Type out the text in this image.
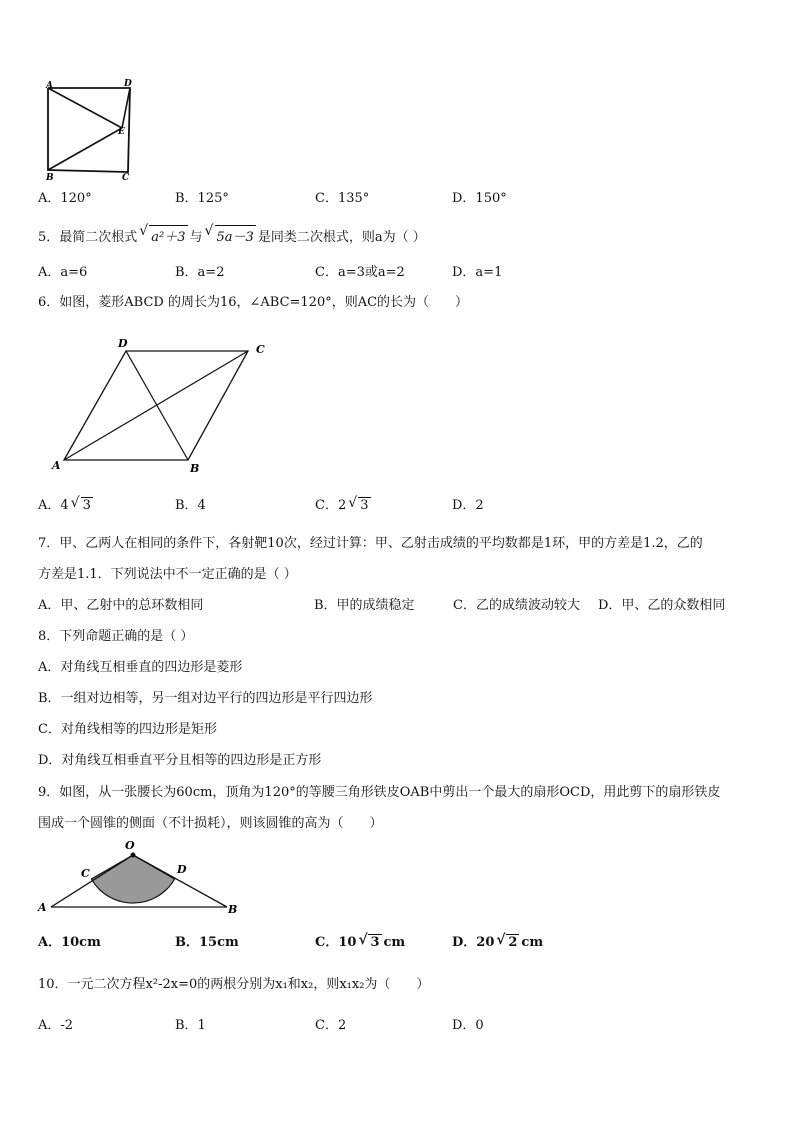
A	D
E
B	C
A．120°	B．125°	C．135°	D．150°
5．最简二次根式 √ a²＋3 与 √ 5a－3 是同类二次根式，则a为（ ）
A．a=6	B．a=2	C．a=3或a=2	D．a=1
6．如图，菱形ABCD 的周长为16，∠ABC=120°，则AC的长为（　　）
D	C
A	B
A．4 √ 3	B．4	C．2 √ 3	D．2
7．甲、乙两人在相同的条件下，各射靶10次，经过计算：甲、乙射击成绩的平均数都是1环，甲的方差是1.2，乙的
方差是1.1．下列说法中不一定正确的是（ ）
A．甲、乙射中的总环数相同	B．甲的成绩稳定	C．乙的成绩波动较大 D．甲、乙的众数相同
8．下列命题正确的是（ ）
A．对角线互相垂直的四边形是菱形
B．一组对边相等，另一组对边平行的四边形是平行四边形
C．对角线相等的四边形是矩形
D．对角线互相垂直平分且相等的四边形是正方形
9．如图，从一张腰长为60cm，顶角为120°的等腰三角形铁皮OAB中剪出一个最大的扇形OCD，用此剪下的扇形铁皮
围成一个圆锥的侧面（不计损耗），则该圆锥的高为（　　）
O
C	D
A	B
A．10cm	B．15cm	C．10 √ 3 cm	D．20 √ 2 cm
10．一元二次方程x²-2x=0的两根分别为x₁和x₂，则x₁x₂为（　　）
A．-2	B．1	C．2	D．0
